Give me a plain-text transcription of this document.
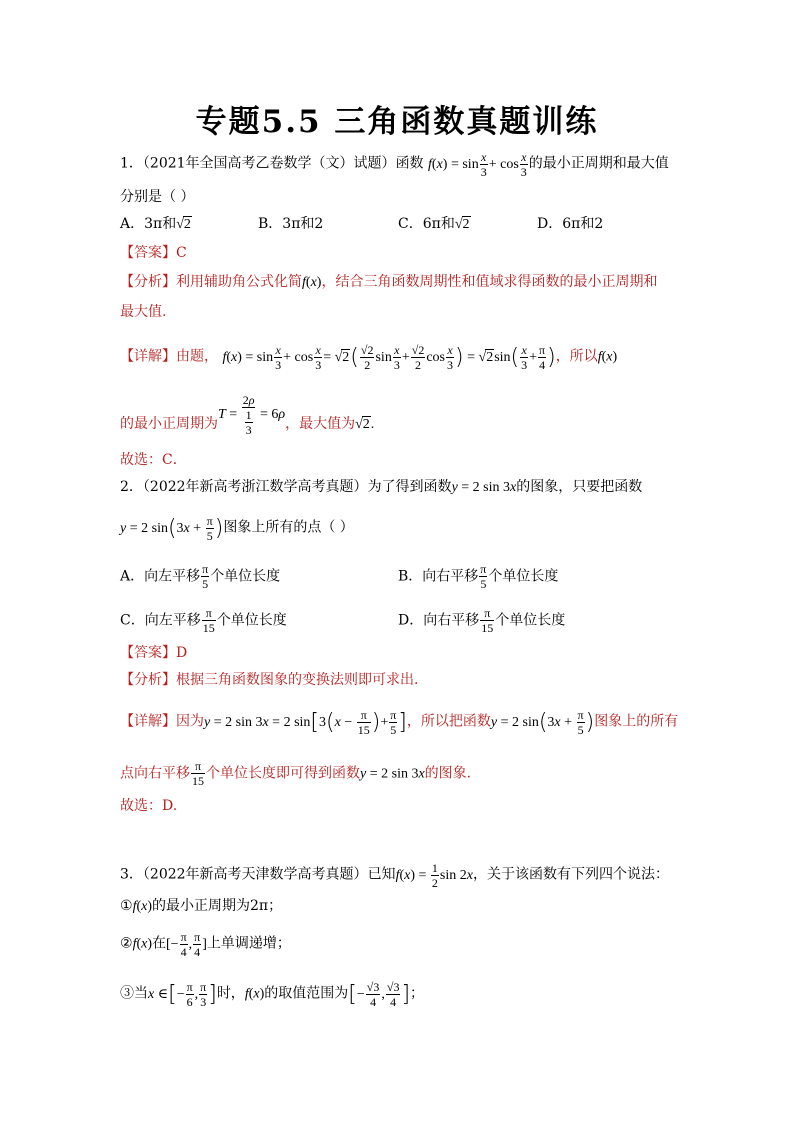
专题5.5 三角函数真题训练
1．（2021年全国高考乙卷数学（文）试题）函数 $f(x) = \sin \frac{x}{3} + \cos \frac{x}{3}$ 的最小正周期和最大值
分别是（ ）
A．3π和√2	B．3π和2	C．6π和√2	D．6π和2
【答案】C
【分析】利用辅助角公式化简f(x)，结合三角函数周期性和值域求得函数的最小正周期和
最大值.
【详解】由题， $f(x) = \sin \frac{x}{3} + \cos \frac{x}{3} = √2( \frac{√2}{2}$ $\sin \frac{x}{3} + \frac{√2}{2}$ $\cos \frac{x}{3}$ ) = $√2\sin( \frac{x}{3} + \frac{\pi}{4}$ )，所以f(x)
的最小正周期为$T = \frac{2\rho}{\frac{1}{3}} = 6\rho$，最大值为√2.
故选：C．
2．（2022年新高考浙江数学高考真题）为了得到函数y = 2 sin 3x的图象，只要把函数
y = 2 $\sin(3x + \frac{\pi}{5}$ )图象上所有的点（ ）
A．向左平移 $\frac{\pi}{5}$ 个单位长度	B．向右平移 $\frac{\pi}{5}$ 个单位长度
C．向左平移 $\frac{\pi}{15}$ 个单位长度	D．向右平移 $\frac{\pi}{15}$ 个单位长度
【答案】D
【分析】根据三角函数图象的变换法则即可求出.
【详解】因为y = 2 sin 3x = 2 $\sin[3(x - \frac{\pi}{15}$ )+ $\frac{\pi}{5}$ ]，所以把函数y = 2 $\sin(3x + \frac{\pi}{5}$ )图象上的所有
点向右平移 $\frac{\pi}{15}$ 个单位长度即可得到函数y = 2 sin 3x的图象.
故选：D.
3．（2022年新高考天津数学高考真题）已知$f(x) = \frac{1}{2}$ sin 2x，关于该函数有下列四个说法：
①f(x)的最小正周期为2π；
②f(x)在[− $\frac{\pi}{4}$ , $\frac{\pi}{4}$ ]上单调递增；
③当x ∈[− $\frac{\pi}{6}$ , $\frac{\pi}{3}$ ]时，f(x)的取值范围为[− $\frac{√3}{4}$ , $\frac{√3}{4}$ ]；
